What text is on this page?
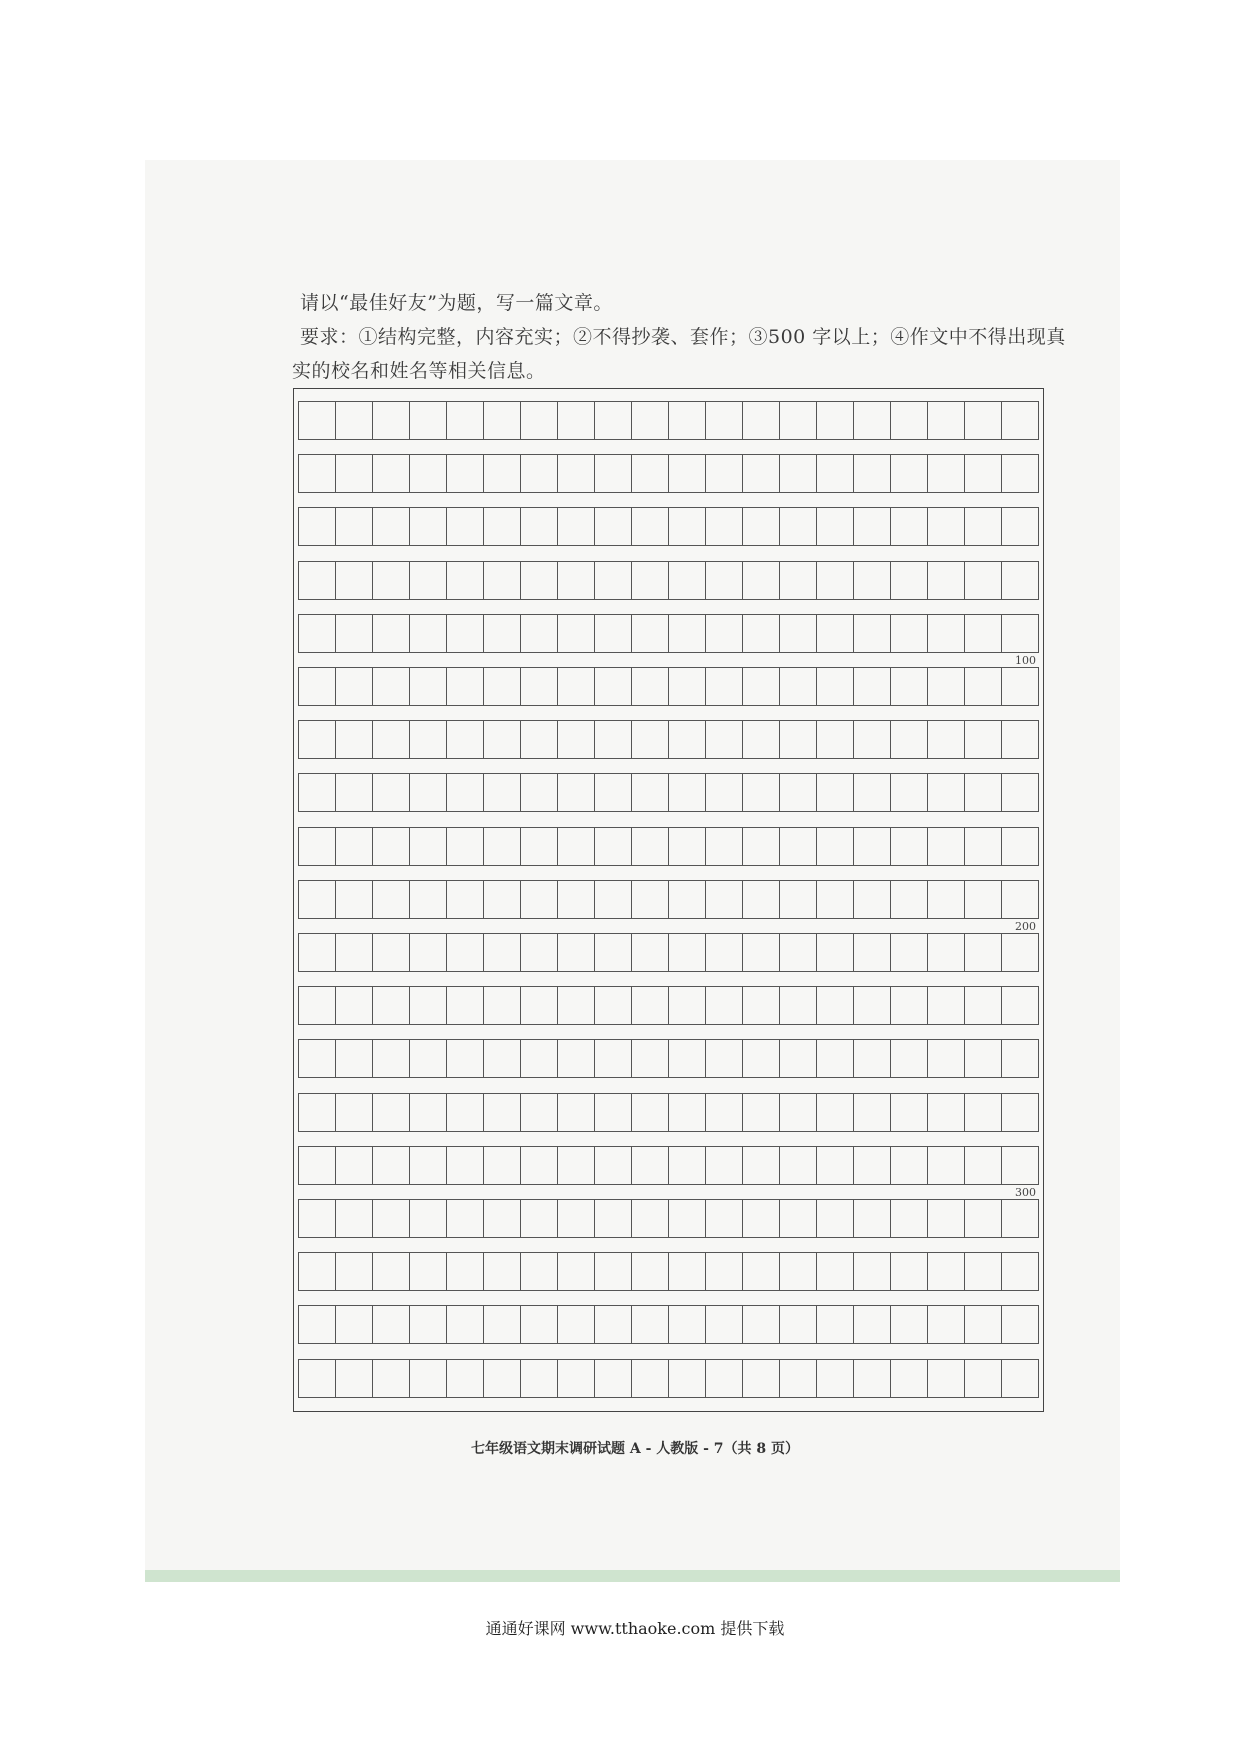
请以“最佳好友”为题，写一篇文章。
要求：①结构完整，内容充实；②不得抄袭、套作；③500 字以上；④作文中不得出现真
实的校名和姓名等相关信息。
100
200
300
七年级语文期末调研试题 A - 人教版 - 7（共 8 页）
通通好课网 www.tthaoke.com 提供下载
